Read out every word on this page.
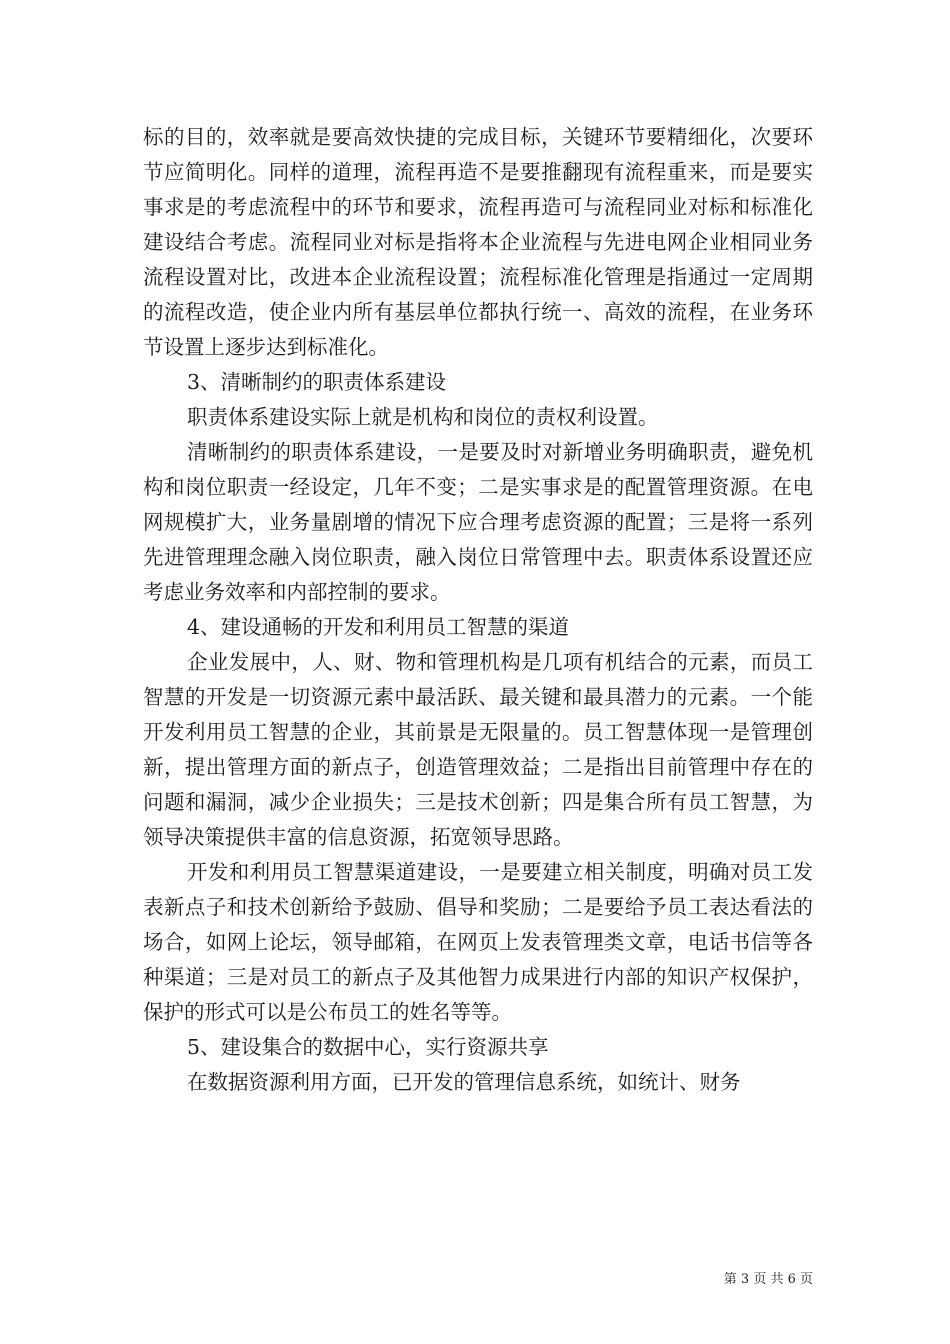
标的目的，效率就是要高效快捷的完成目标，关键环节要精细化，次要环节应简明化。同样的道理，流程再造不是要推翻现有流程重来，而是要实事求是的考虑流程中的环节和要求，流程再造可与流程同业对标和标准化建设结合考虑。流程同业对标是指将本企业流程与先进电网企业相同业务流程设置对比，改进本企业流程设置；流程标准化管理是指通过一定周期的流程改造，使企业内所有基层单位都执行统一、高效的流程，在业务环节设置上逐步达到标准化。

3、清晰制约的职责体系建设

职责体系建设实际上就是机构和岗位的责权利设置。

清晰制约的职责体系建设，一是要及时对新增业务明确职责，避免机构和岗位职责一经设定，几年不变；二是实事求是的配置管理资源。在电网规模扩大，业务量剧增的情况下应合理考虑资源的配置；三是将一系列先进管理理念融入岗位职责，融入岗位日常管理中去。职责体系设置还应考虑业务效率和内部控制的要求。

4、建设通畅的开发和利用员工智慧的渠道

企业发展中，人、财、物和管理机构是几项有机结合的元素，而员工智慧的开发是一切资源元素中最活跃、最关键和最具潜力的元素。一个能开发利用员工智慧的企业，其前景是无限量的。员工智慧体现一是管理创新，提出管理方面的新点子，创造管理效益；二是指出目前管理中存在的问题和漏洞，减少企业损失；三是技术创新；四是集合所有员工智慧，为领导决策提供丰富的信息资源，拓宽领导思路。

开发和利用员工智慧渠道建设，一是要建立相关制度，明确对员工发表新点子和技术创新给予鼓励、倡导和奖励；二是要给予员工表达看法的场合，如网上论坛，领导邮箱，在网页上发表管理类文章，电话书信等各种渠道；三是对员工的新点子及其他智力成果进行内部的知识产权保护，保护的形式可以是公布员工的姓名等等。

5、建设集合的数据中心，实行资源共享

在数据资源利用方面，已开发的管理信息系统，如统计、财务

第 3 页 共 6 页
